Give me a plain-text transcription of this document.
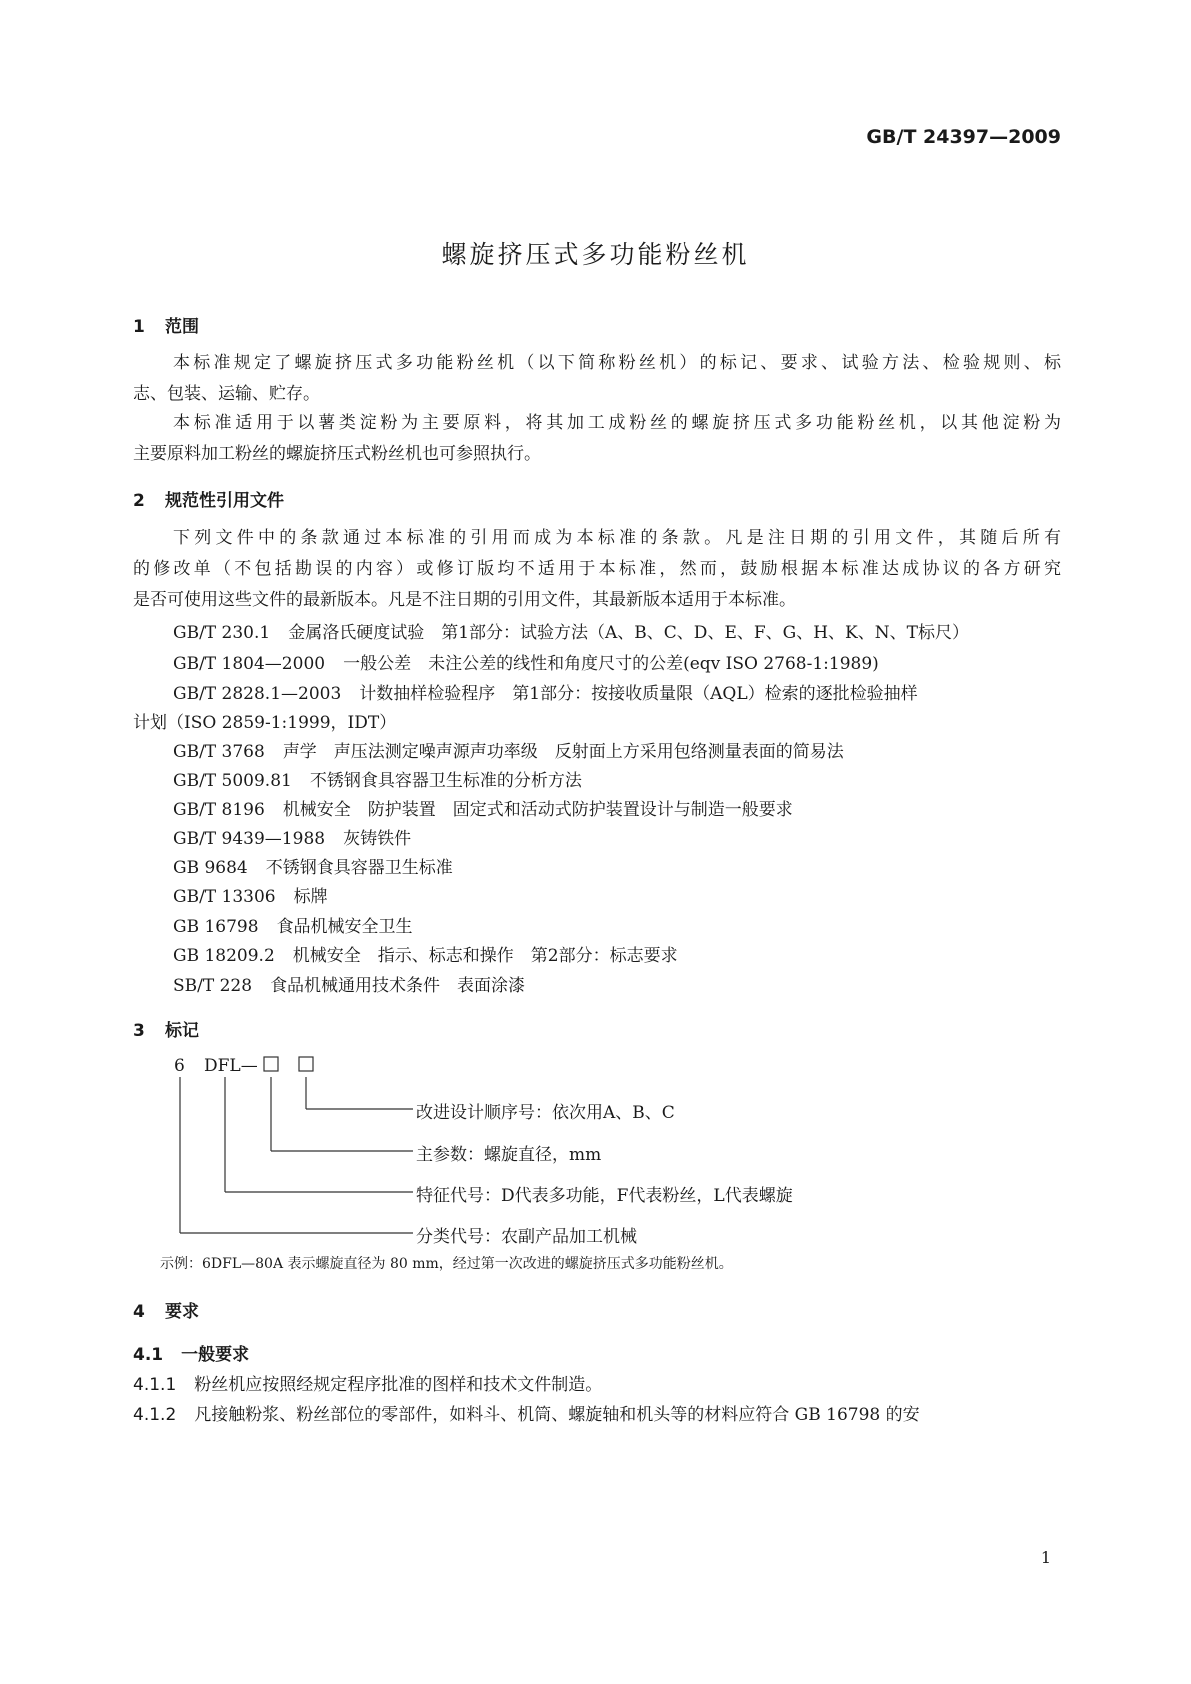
GB/T 24397—2009
螺旋挤压式多功能粉丝机
1 范围
本标准规定了螺旋挤压式多功能粉丝机（以下简称粉丝机）的标记、要求、试验方法、检验规则、标
志、包装、运输、贮存。
本标准适用于以薯类淀粉为主要原料，将其加工成粉丝的螺旋挤压式多功能粉丝机，以其他淀粉为
主要原料加工粉丝的螺旋挤压式粉丝机也可参照执行。
2 规范性引用文件
下列文件中的条款通过本标准的引用而成为本标准的条款。凡是注日期的引用文件，其随后所有
的修改单（不包括勘误的内容）或修订版均不适用于本标准，然而，鼓励根据本标准达成协议的各方研究
是否可使用这些文件的最新版本。凡是不注日期的引用文件，其最新版本适用于本标准。
GB/T 230.1 金属洛氏硬度试验　第1部分：试验方法（A、B、C、D、E、F、G、H、K、N、T标尺）
GB/T 1804—2000 一般公差　未注公差的线性和角度尺寸的公差(eqv ISO 2768-1:1989)
GB/T 2828.1—2003 计数抽样检验程序　第1部分：按接收质量限（AQL）检索的逐批检验抽样
计划（ISO 2859-1:1999，IDT）
GB/T 3768 声学　声压法测定噪声源声功率级　反射面上方采用包络测量表面的简易法
GB/T 5009.81 不锈钢食具容器卫生标准的分析方法
GB/T 8196 机械安全　防护装置　固定式和活动式防护装置设计与制造一般要求
GB/T 9439—1988 灰铸铁件
GB 9684 不锈钢食具容器卫生标准
GB/T 13306 标牌
GB 16798 食品机械安全卫生
GB 18209.2 机械安全　指示、标志和操作　第2部分：标志要求
SB/T 228 食品机械通用技术条件　表面涂漆
3 标记
6 DFL—
改进设计顺序号：依次用A、B、C
主参数：螺旋直径，mm
特征代号：D代表多功能，F代表粉丝，L代表螺旋
分类代号：农副产品加工机械
示例：6DFL—80A 表示螺旋直径为 80 mm，经过第一次改进的螺旋挤压式多功能粉丝机。
4 要求
4.1 一般要求
4.1.1 粉丝机应按照经规定程序批准的图样和技术文件制造。
4.1.2 凡接触粉浆、粉丝部位的零部件，如料斗、机筒、螺旋轴和机头等的材料应符合 GB 16798 的安
1
